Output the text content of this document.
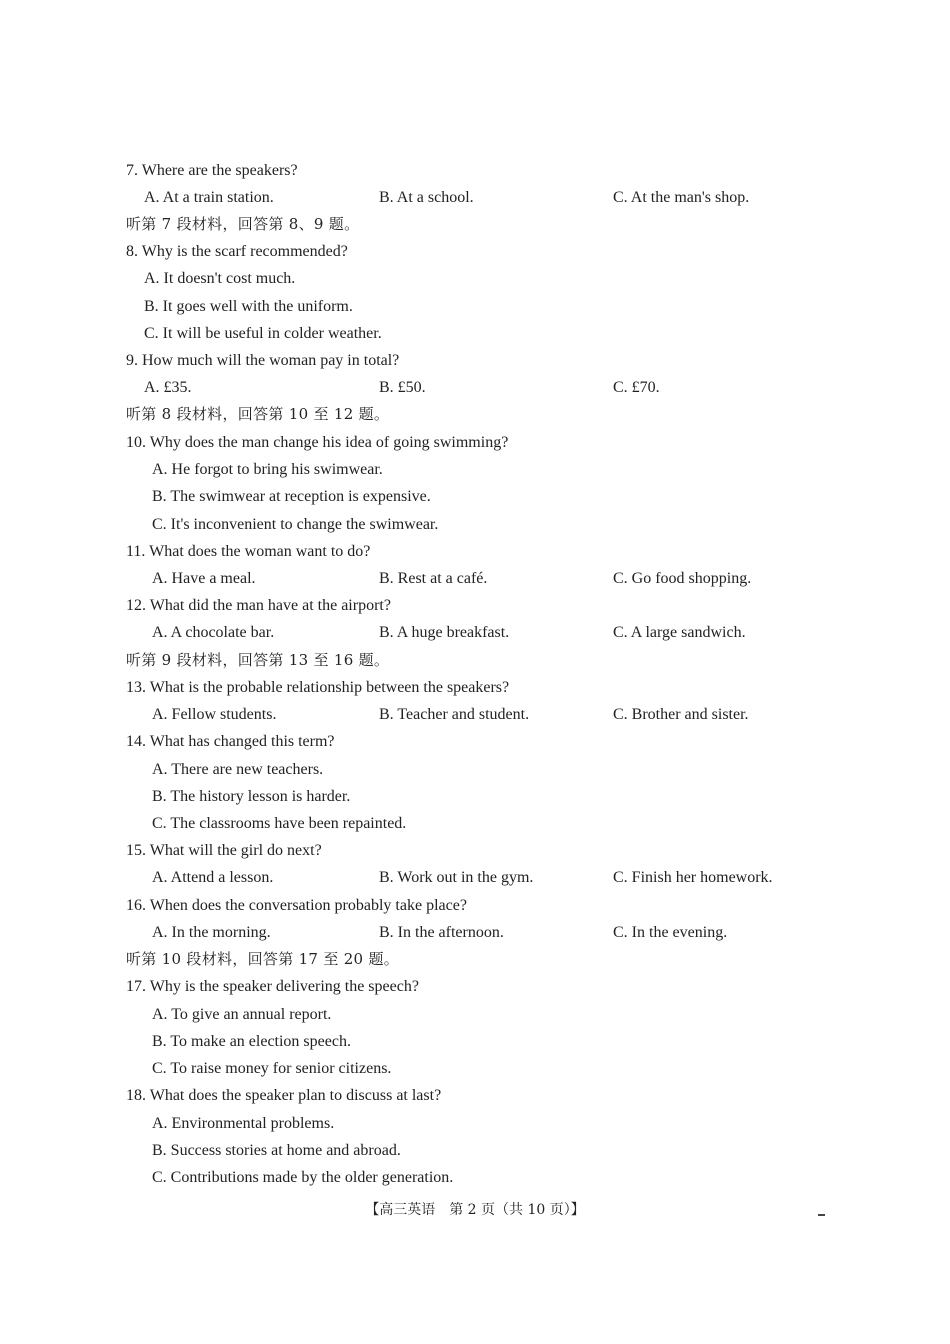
7. Where are the speakers?
A. At a train station.	B. At a school.	C. At the man's shop.
听第 7 段材料，回答第 8、9 题。
8. Why is the scarf recommended?
A. It doesn't cost much.
B. It goes well with the uniform.
C. It will be useful in colder weather.
9. How much will the woman pay in total?
A. £35.	B. £50.	C. £70.
听第 8 段材料，回答第 10 至 12 题。
10. Why does the man change his idea of going swimming?
A. He forgot to bring his swimwear.
B. The swimwear at reception is expensive.
C. It's inconvenient to change the swimwear.
11. What does the woman want to do?
A. Have a meal.	B. Rest at a café.	C. Go food shopping.
12. What did the man have at the airport?
A. A chocolate bar.	B. A huge breakfast.	C. A large sandwich.
听第 9 段材料，回答第 13 至 16 题。
13. What is the probable relationship between the speakers?
A. Fellow students.	B. Teacher and student.	C. Brother and sister.
14. What has changed this term?
A. There are new teachers.
B. The history lesson is harder.
C. The classrooms have been repainted.
15. What will the girl do next?
A. Attend a lesson.	B. Work out in the gym.	C. Finish her homework.
16. When does the conversation probably take place?
A. In the morning.	B. In the afternoon.	C. In the evening.
听第 10 段材料，回答第 17 至 20 题。
17. Why is the speaker delivering the speech?
A. To give an annual report.
B. To make an election speech.
C. To raise money for senior citizens.
18. What does the speaker plan to discuss at last?
A. Environmental problems.
B. Success stories at home and abroad.
C. Contributions made by the older generation.
【高三英语　第 2 页（共 10 页）】
